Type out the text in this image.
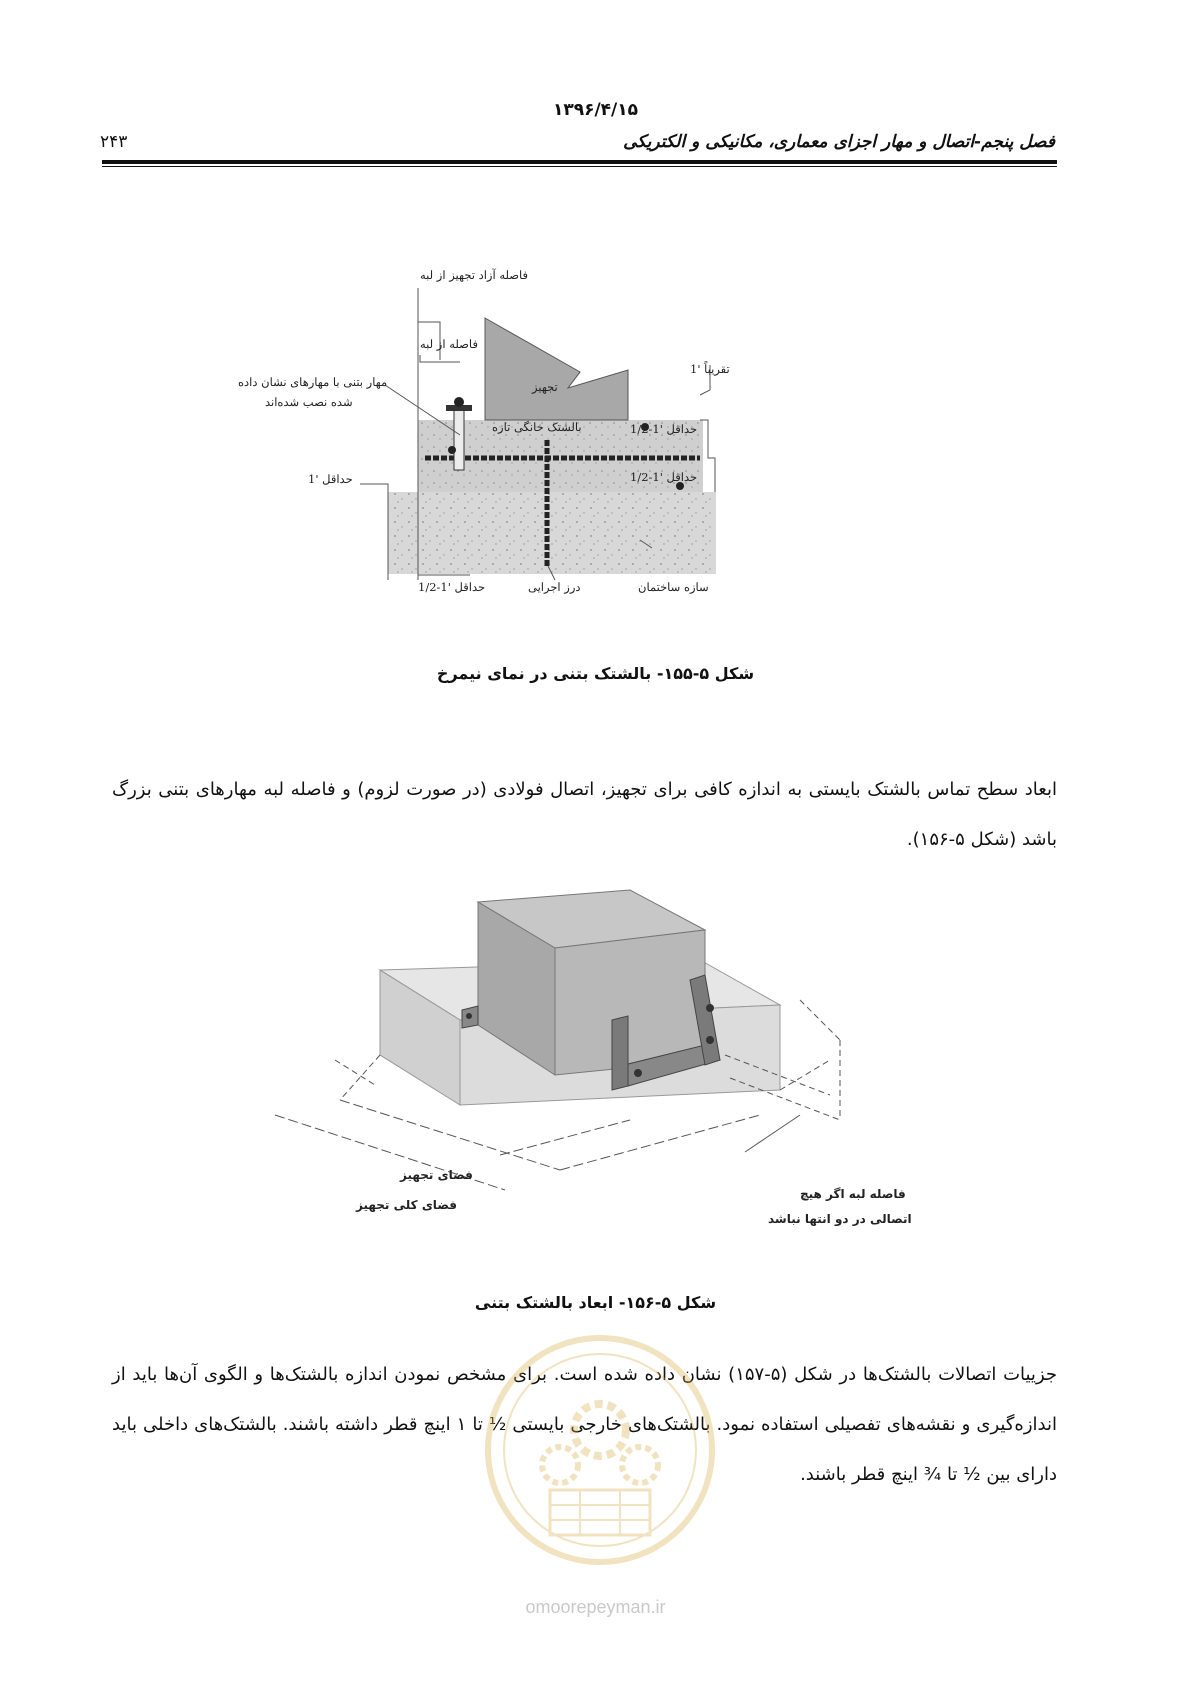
۱۳۹۶/۴/۱۵
فصل پنجم-اتصال و مهار اجزای معماری، مکانیکی و الکتریکی
۲۴۳
فاصله آزاد تجهیز از لبه
فاصله از لبه
مهار بتنی با مهارهای نشان داده
شده نصب شده‌اند
تجهیز
تقریباً '1
بالشتک خانگی تازه	حداقل '1-1/2
حداقل '1-1/2
حداقل '1
حداقل '1-1/2	درز اجرایی	سازه ساختمان
شکل ۵-۱۵۵- بالشتک بتنی در نمای نیمرخ
ابعاد سطح تماس بالشتک بایستی به اندازه کافی برای تجهیز، اتصال فولادی (در صورت لزوم) و فاصله لبه مهارهای بتنی بزرگ باشد (شکل ۵-۱۵۶).
فضای تجهیز
فضای کلی تجهیز
فاصله لبه اگر هیچ
اتصالی در دو انتها نباشد
شکل ۵-۱۵۶- ابعاد بالشتک بتنی
جزییات اتصالات بالشتک‌ها در شکل (۵-۱۵۷) نشان داده شده است. برای مشخص نمودن اندازه بالشتک‌ها و الگوی آن‌ها باید از اندازه‌گیری و نقشه‌های تفصیلی استفاده نمود. بالشتک‌های خارجی بایستی ½ تا ۱ اینچ قطر داشته باشند. بالشتک‌های داخلی باید دارای بین ½ تا ¾ اینچ قطر باشند.
omoorepeyman.ir
